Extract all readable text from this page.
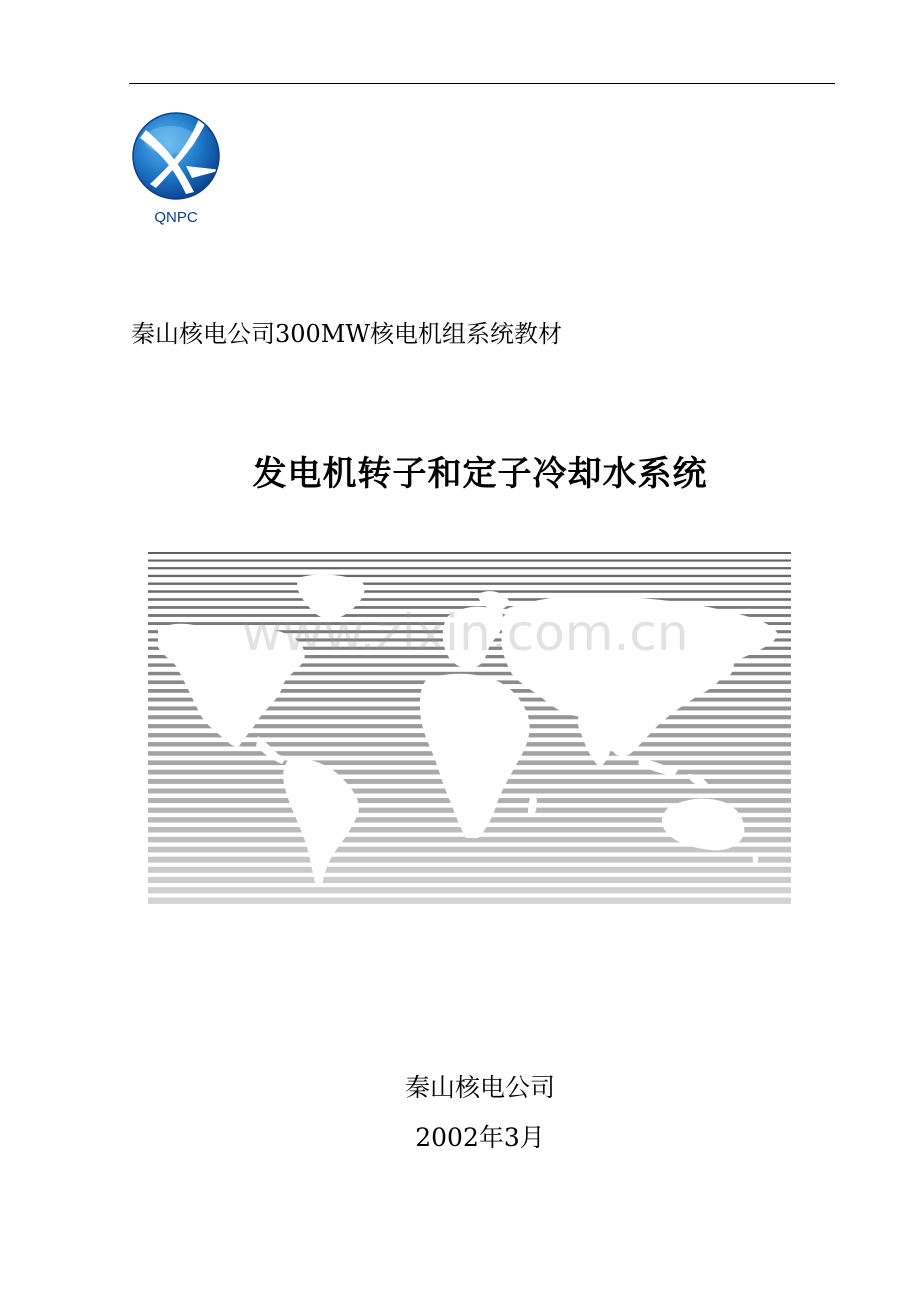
QNPC
秦山核电公司300MW核电机组系统教材
发电机转子和定子冷却水系统
www.zixin.com.cn
秦山核电公司
2002年3月
